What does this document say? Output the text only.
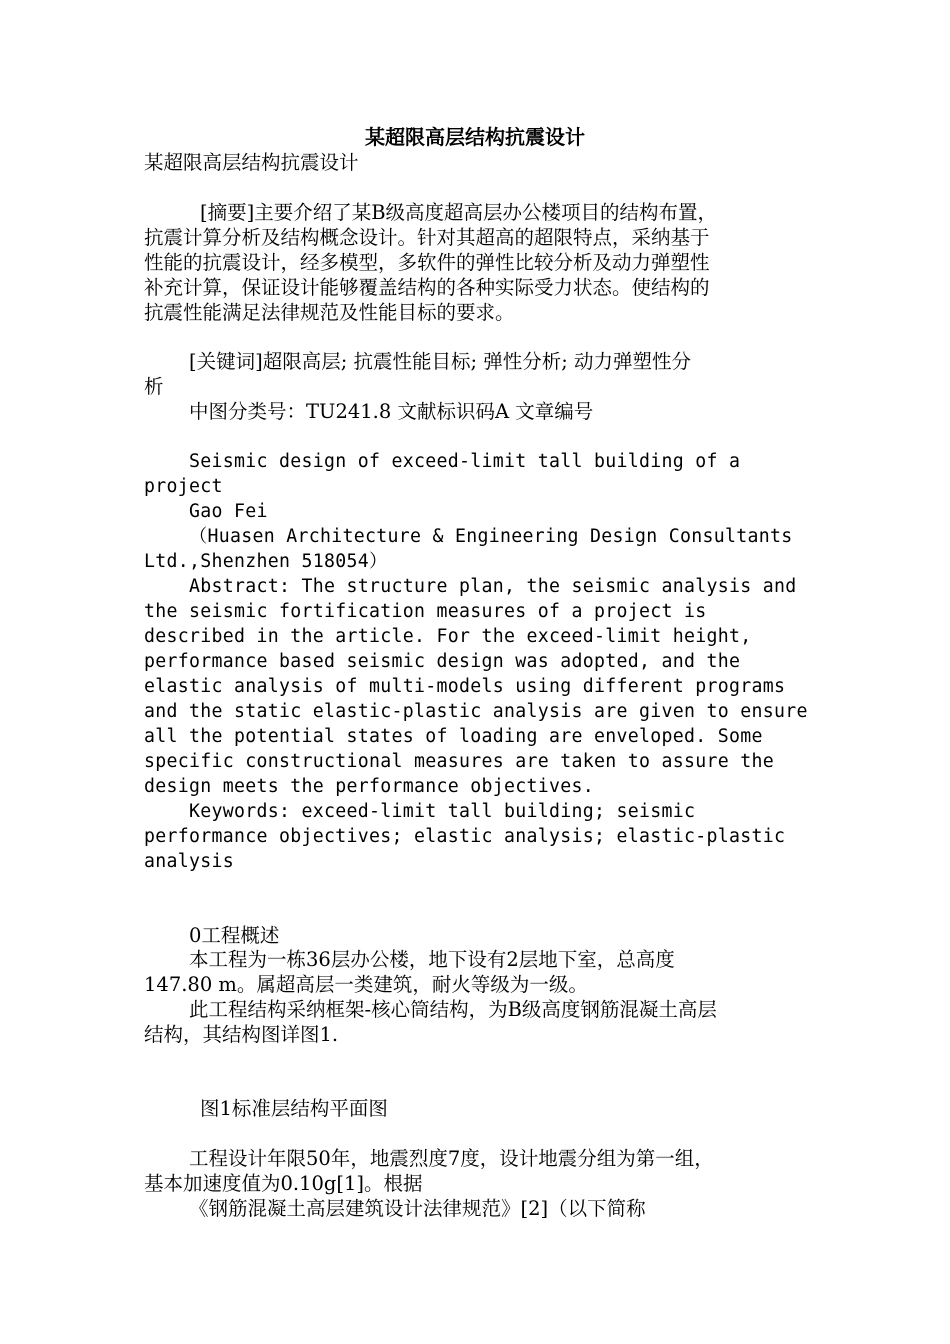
某超限高层结构抗震设计

某超限高层结构抗震设计

[摘要]主要介绍了某B级高度超高层办公楼项目的结构布置，

抗震计算分析及结构概念设计。针对其超高的超限特点，采纳基于

性能的抗震设计，经多模型，多软件的弹性比较分析及动力弹塑性

补充计算，保证设计能够覆盖结构的各种实际受力状态。使结构的

抗震性能满足法律规范及性能目标的要求。

[关键词]超限高层; 抗震性能目标; 弹性分析; 动力弹塑性分

析

中图分类号：TU241.8 文献标识码A 文章编号

Seismic design of exceed-limit tall building of a

project

Gao Fei

（Huasen Architecture & Engineering Design Consultants

Ltd.,Shenzhen 518054）

Abstract: The structure plan, the seismic analysis and

the seismic fortification measures of a project is

described in the article. For the exceed-limit height,

performance based seismic design was adopted, and the

elastic analysis of multi-models using different programs

and the static elastic-plastic analysis are given to ensure

all the potential states of loading are enveloped. Some

specific constructional measures are taken to assure the

design meets the performance objectives.

Keywords: exceed-limit tall building; seismic

performance objectives; elastic analysis; elastic-plastic

analysis

0工程概述

本工程为一栋36层办公楼，地下设有2层地下室，总高度

147.80 m。属超高层一类建筑，耐火等级为一级。

此工程结构采纳框架-核心筒结构，为B级高度钢筋混凝土高层

结构，其结构图详图1.

图1标准层结构平面图

工程设计年限50年，地震烈度7度，设计地震分组为第一组，

基本加速度值为0.10g[1]。根据

《钢筋混凝土高层建筑设计法律规范》[2]（以下简称
